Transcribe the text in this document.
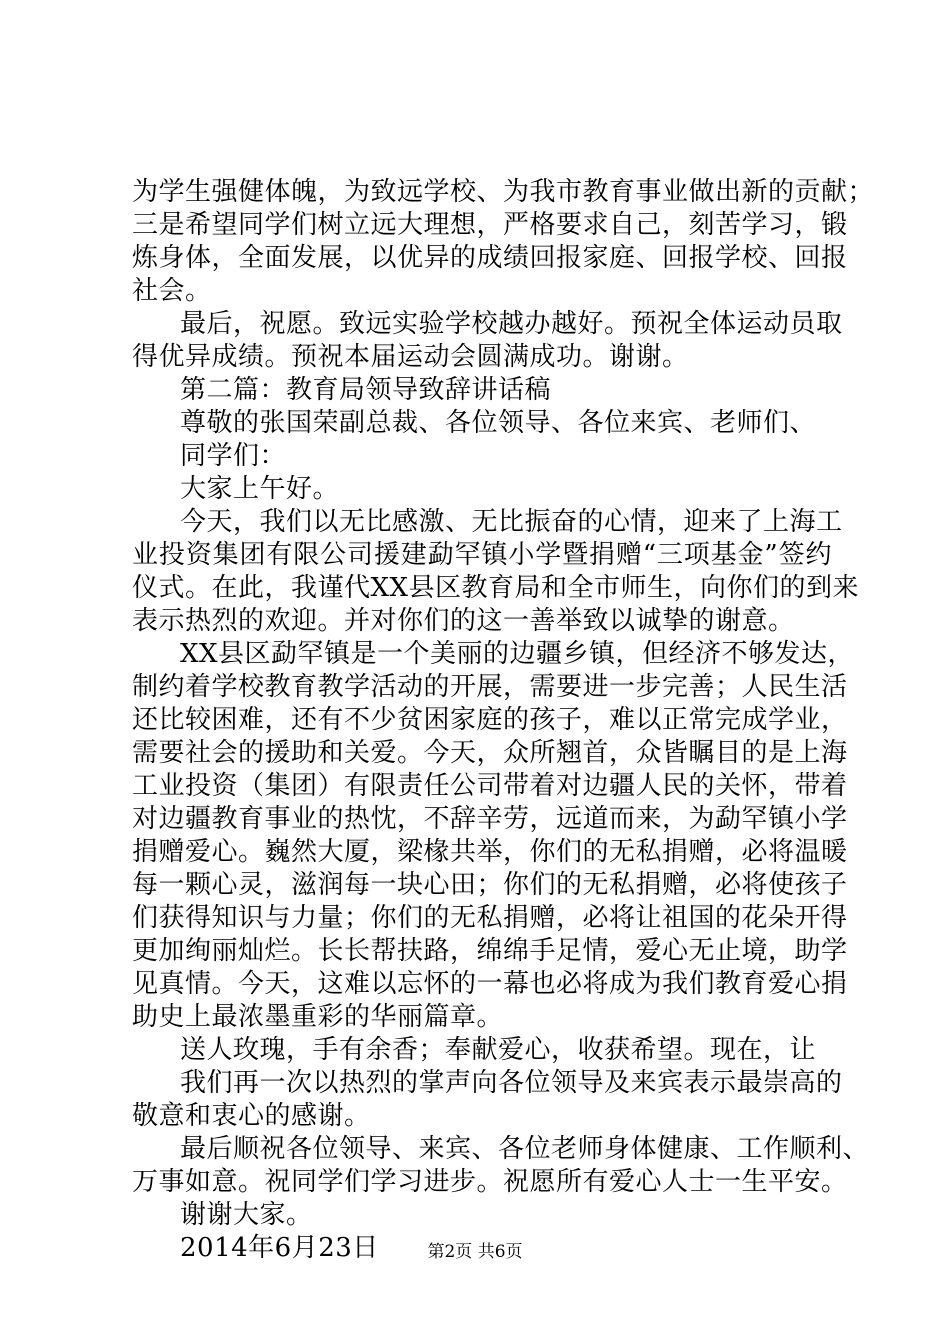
为学生强健体魄，为致远学校、为我市教育事业做出新的贡献；
三是希望同学们树立远大理想，严格要求自己，刻苦学习，锻
炼身体，全面发展，以优异的成绩回报家庭、回报学校、回报
社会。
最后，祝愿。致远实验学校越办越好。预祝全体运动员取
得优异成绩。预祝本届运动会圆满成功。谢谢。
第二篇：教育局领导致辞讲话稿
尊敬的张国荣副总裁、各位领导、各位来宾、老师们、
同学们：
大家上午好。
今天，我们以无比感激、无比振奋的心情，迎来了上海工
业投资集团有限公司援建勐罕镇小学暨捐赠“三项基金”签约
仪式。在此，我谨代XX县区教育局和全市师生，向你们的到来
表示热烈的欢迎。并对你们的这一善举致以诚挚的谢意。
XX县区勐罕镇是一个美丽的边疆乡镇，但经济不够发达，
制约着学校教育教学活动的开展，需要进一步完善；人民生活
还比较困难，还有不少贫困家庭的孩子，难以正常完成学业，
需要社会的援助和关爱。今天，众所翘首，众皆瞩目的是上海
工业投资（集团）有限责任公司带着对边疆人民的关怀，带着
对边疆教育事业的热忱，不辞辛劳，远道而来，为勐罕镇小学
捐赠爱心。巍然大厦，梁椽共举，你们的无私捐赠，必将温暖
每一颗心灵，滋润每一块心田；你们的无私捐赠，必将使孩子
们获得知识与力量；你们的无私捐赠，必将让祖国的花朵开得
更加绚丽灿烂。长长帮扶路，绵绵手足情，爱心无止境，助学
见真情。今天，这难以忘怀的一幕也必将成为我们教育爱心捐
助史上最浓墨重彩的华丽篇章。
送人玫瑰，手有余香；奉献爱心，收获希望。现在，让
我们再一次以热烈的掌声向各位领导及来宾表示最崇高的
敬意和衷心的感谢。
最后顺祝各位领导、来宾、各位老师身体健康、工作顺利、
万事如意。祝同学们学习进步。祝愿所有爱心人士一生平安。
谢谢大家。
2014年6月23日	第2页 共6页
